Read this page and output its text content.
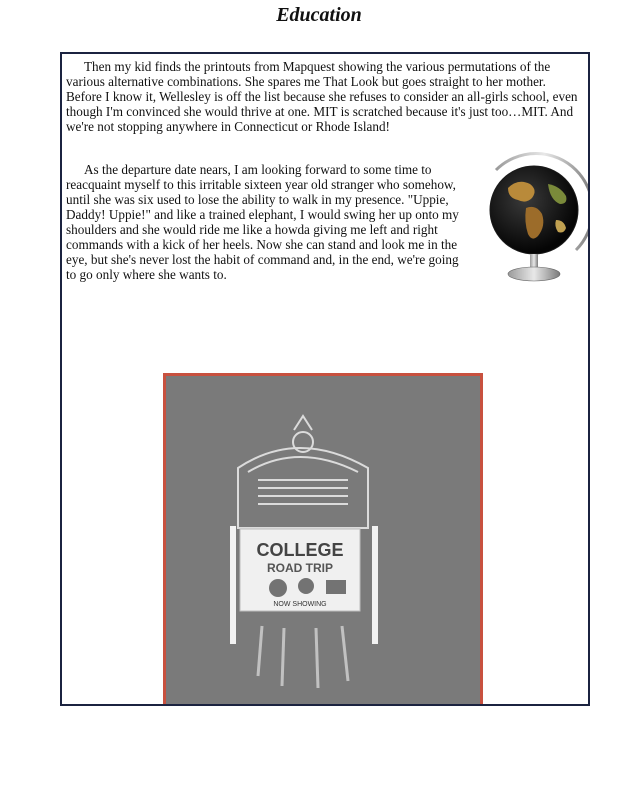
Education

Then my kid finds the printouts from Mapquest showing the various permutations of the various alternative combinations. She spares me That Look but goes straight to her mother. Before I know it, Wellesley is off the list because she refuses to consider an all-girls school, even though I'm convinced she would thrive at one. MIT is scratched because it's just too…MIT. And we're not stopping anywhere in Connecticut or Rhode Island!

As the departure date nears, I am looking forward to some time to reacquaint myself to this irritable sixteen year old stranger who somehow, until she was six used to lose the ability to walk in my presence. "Uppie, Daddy! Uppie!" and like a trained elephant, I would swing her up onto my shoulders and she would ride me like a howda giving me left and right commands with a kick of her heels. Now she can stand and look me in the eye, but she's never lost the habit of command and, in the end, we're going to go only where she wants to.

COLLEGE
ROAD TRIP
NOW SHOWING
